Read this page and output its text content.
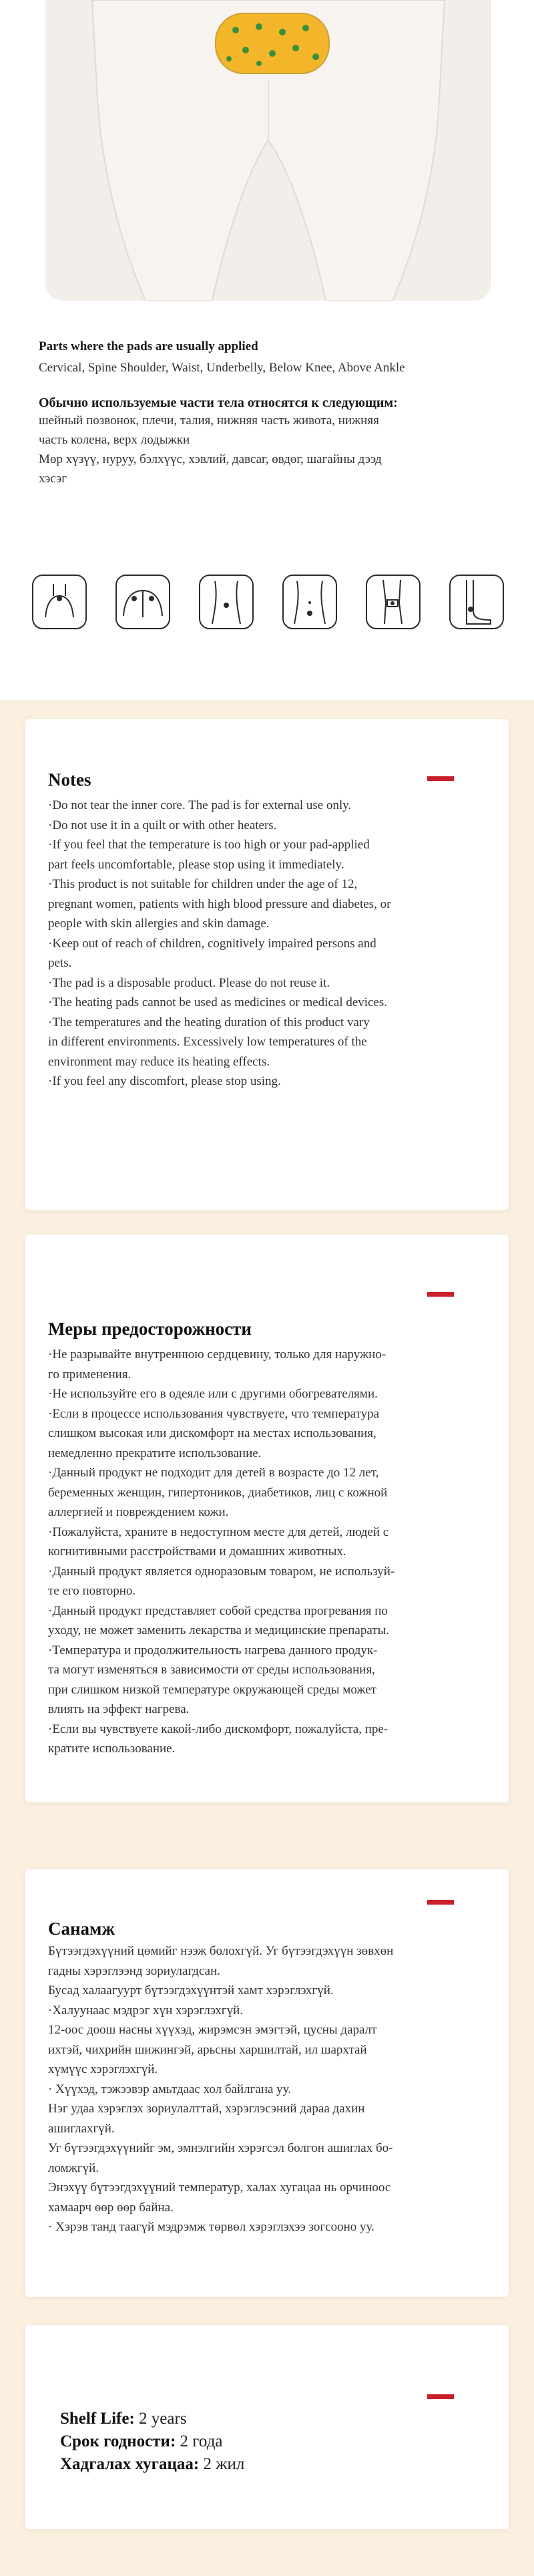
Parts where the pads are usually applied
Cervical, Spine Shoulder, Waist, Underbelly, Below Knee, Above Ankle
Обычно используемые части тела относятся к следующим:
шейный позвонок, плечи, талия, нижняя часть живота, нижняя
часть колена, верх лодыжки
Мөр хүзүү, нуруу, бэлхүүс, хэвлий, давсаг, өвдөг, шагайны дээд
хэсэг
Notes
·Do not tear the inner core. The pad is for external use only.
·Do not use it in a quilt or with other heaters.
·If you feel that the temperature is too high or your pad-applied
part feels uncomfortable, please stop using it immediately.
·This product is not suitable for children under the age of 12,
pregnant women, patients with high blood pressure and diabetes, or
people with skin allergies and skin damage.
·Keep out of reach of children, cognitively impaired persons and
pets.
·The pad is a disposable product. Please do not reuse it.
·The heating pads cannot be used as medicines or medical devices.
·The temperatures and the heating duration of this product vary
in different environments. Excessively low temperatures of the
environment may reduce its heating effects.
·If you feel any discomfort, please stop using.
Меры предосторожности
·Не разрывайте внутреннюю сердцевину, только для наружно-
го применения.
·Не используйте его в одеяле или с другими обогревателями.
·Если в процессе использования чувствуете, что температура
слишком высокая или дискомфорт на местах использования,
немедленно прекратите использование.
·Данный продукт не подходит для детей в возрасте до 12 лет,
беременных женщин, гипертоников, диабетиков, лиц с кожной
аллергией и повреждением кожи.
·Пожалуйста, храните в недоступном месте для детей, людей с
когнитивными расстройствами и домашних животных.
·Данный продукт является одноразовым товаром, не используй-
те его повторно.
·Данный продукт представляет собой средства прогревания по
уходу, не может заменить лекарства и медицинские препараты.
·Температура и продолжительность нагрева данного продук-
та могут изменяться в зависимости от среды использования,
при слишком низкой температуре окружающей среды может
влиять на эффект нагрева.
·Если вы чувствуете какой-либо дискомфорт, пожалуйста, пре-
кратите использование.
Санамж
Бүтээгдэхүүний цөмийг нээж болохгүй. Уг бүтээгдэхүүн зөвхөн
гадны хэрэглээнд зориулагдсан.
Бусад халаагуурт бүтээгдэхүүнтэй хамт хэрэглэхгүй.
·Халуунаас мэдрэг хүн хэрэглэхгүй.
12-оос доош насны хүүхэд, жирэмсэн эмэгтэй, цусны даралт
ихтэй, чихрийн шижингэй, арьсны харшилтай, ил шархтай
хүмүүс хэрэглэхгүй.
· Хүүхэд, тэжээвэр амьтдаас хол байлгана уу.
Нэг удаа хэрэглэх зориулалттай, хэрэглэсэний дараа дахин
ашиглахгүй.
Уг бүтээгдэхүүнийг эм, эмнэлгийн хэрэгсэл болгон ашиглах бо-
ломжгүй.
Энэхүү бүтээгдэхүүний температур, халах хугацаа нь орчиноос
хамаарч өөр өөр байна.
· Хэрэв танд таагүй мэдрэмж төрвөл хэрэглэхээ зогсооно уу.
Shelf Life: 2 years
Срок годности: 2 года
Хадгалах хугацаа: 2 жил
